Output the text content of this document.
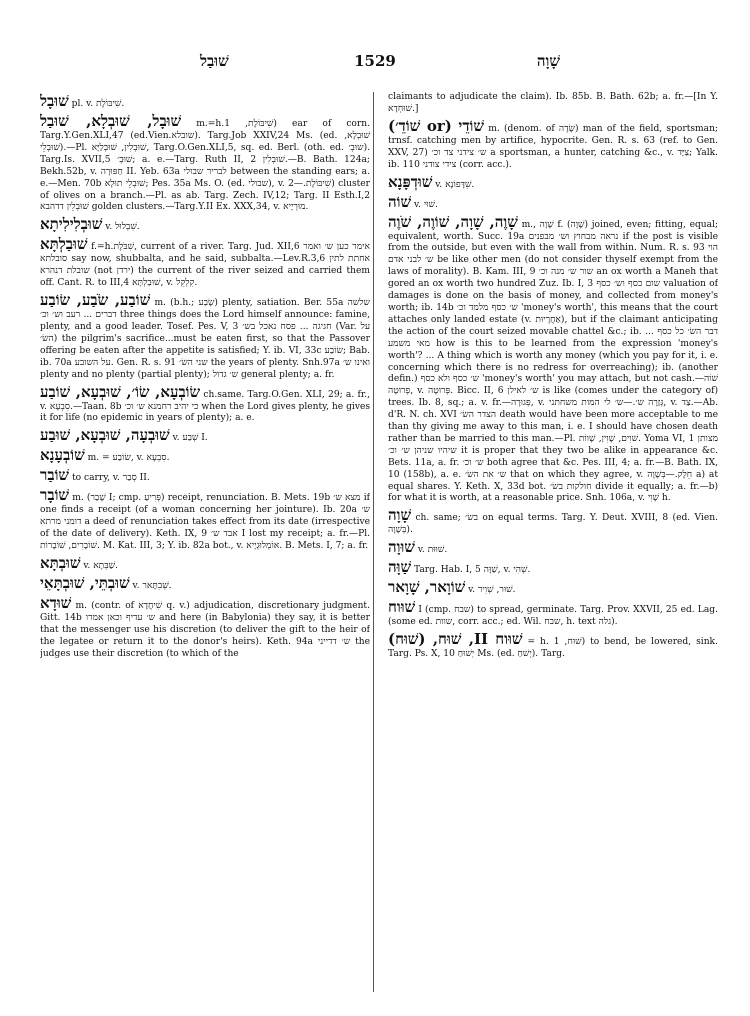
שׁוּבַל	1529	שָׁוָה
שׁוּבָל pl. v. שִׁיבּוֹלֶת.
שׁוּבָל, שׁוּבְלָא, שׁוּבַל m.=h.שִׁיבּוֹלֶת, 1) ear of corn. Targ.Y.Gen.XLI,47 (ed.Vien.שובלא). Targ.Job XXIV,24 Ms. (ed. שׁוּבְלָא, שׁוּבְלֵי).—Pl. שׁוּבְלִין, שׁוּבְלַיָּא, Targ.O.Gen.XLI,5, sq. ed. Berl. (oth. ed. שוּבְ׳). Targ.Is. XVII,5 שׁוּבְ׳; a. e.—Targ. Ruth II, 2 שׁוּבְלִין.—B. Bath. 124a; Bekh.52b, v. חַפּוּרָה II. Yeb. 63a לבריר שבולי between the standing ears; a. e.—Men. 70b שׁוּבְלֵי תוּלָא; Pes. 35a Ms. O. (ed. שבולי), v. שִׁיבּוֹלֶת.—2) cluster of olives on a branch.—Pl. as ab. Targ. Zech. IV,12; Targ. II Esth.I,2 שׁוּבְלֵין דדהבא golden clusters.—Targ.Y.II Ex. XXX,34, v. מוּרְיָיא.
שׁוּבְלִילִיתָא v. שִׁבְלוּל.
שׁוּבַלְתָּא f.=h.שִׁבֹּלֶת, current of a river. Targ. Jud. XII,6 אימר כען ש׳ ואמר סובלתא say now, shubbalta, and he said, subbalta.—Lev.R.3,6 אחתת לתין שובלת דנהרא (not ירדן) the current of the river seized and carried them off. Cant. R. to III,4 שׁוּבַלְתָּא, v. קִלְקֵל.
שׁוֹבַע, שֹׂבַע, שׂוֹבַע m. (b.h.; שָׂבַע) plenty, satiation. Ber. 55a שלשה דברים ... רעב וש׳ וכ׳ three things does the Lord himself announce: famine, plenty, and a good leader. Tosef. Pes. V, 3 חגיגה ... פסח נאכל בש׳ (Var. על השׂ׳) the pilgrim's sacrifice...must be eaten first, so that the Passover offering be eaten after the appetite is satisfied; Y. ib. VI, 33c שׂוֹבַע; Bab. ib. 70a על השובע. Gen. R. s. 91 שני השׂ׳ the years of plenty. Snh.97a ואינו ש׳ plenty and no plenty (partial plenty); ש׳ גדול general plenty; a. fr.
שׂוֹבְעָא, שׂוֹ׳, שׁוּבְעָא, שׁוֹבַע ch.same. Targ.O.Gen. XLI, 29; a. fr., v. סִבְעָא.—Taan. 8b כי יהיב רחמנא ש׳ וכ׳ when the Lord gives plenty, he gives it for life (no epidemic in years of plenty); a. e.
שׁוּבְעָה, שׁוּבְעָא, שׁוּבַע v. שְׁבַע I.
שׁוֹבְעָנָא m. = שׂוֹבַע, v. סִבְעָא.
שׁוֹבַר to carry, v. סְבַר II.
שׁוֹבָר m. (שָׁבַר I; cmp. פְּרִיעַ) receipt, renunciation. B. Mets. 19b מצא ש׳ if one finds a receipt (of a woman concerning her jointure). Ib. 20a ש׳ דומני מרתא a deed of renunciation takes effect from its date (irrespective of the date of delivery). Keth. IX, 9 אבד ש׳ I lost my receipt; a. fr.—Pl. שׁוֹבָרִים, שׁוֹבָרוֹת. M. Kat. III, 3; Y. ib. 82a bot., v. אוֹמְלוּגְיָיא. B. Mets. I, 7; a. fr.
שׁוּבְתָּא v. שַׁבְּתָא.
שׁוּבְתֵּי, שׁוּבְתָּאֵי v. שְׁבִתָּאר.
שׁוּדָא m. (contr. of שִׁיחֲדָא q. v.) adjudication, discretionary judgment. Gitt. 14b ש׳ עדיף וכאן אמרו and here (in Babylonia) they say, it is better that the messenger use his discretion (to deliver the gift to the heir of the legatee or return it to the donor's heirs). Keth. 94a ש׳ דדייני the judges use their discretion (to which of the
claimants to adjudicate the claim). Ib. 85b. B. Bath. 62b; a. fr.—[In Y. שׁוּחְדָא.]
שׁוֹדֵי (or שׁוֹדֵ׳) m. (denom. of שָׂדֶה) man of the field, sportsman; trnsf. catching men by artifice, hypocrite. Gen. R. s. 63 (ref. to Gen. XXV, 27) ש׳ צידני צד וכ׳ a sportsman, a hunter, catching &c., v. צַיָּד; Yalk. ib. 110 צידי צודני (corr. acc.).
שׁוּדְפָּנָא v. שִׁדָּפוֹנָא.
שׁוֹה v. שׁוּי.
שָׁוֶה, שָׁוָה, שׁוֹוֶה, שֹׁוֶה m., שָׁוָה f. (שָׁוָה) joined, even; fitting, equal; equivalent, worth. Succ. 19a נראה מבחוץ וש׳ מבפנים if the post is visible from the outside, but even with the wall from within. Num. R. s. 93 הוי ש׳ לבני אדם be like other men (do not consider thyself exempt from the laws of morality). B. Kam. III, 9 שור ש׳ מנה וכ׳ an ox worth a Maneh that gored an ox worth two hundred Zuz. Ib. I, 3 שום כסף וש׳ כסף valuation of damages is done on the basis of money, and collected from money's worth; ib. 14b ש׳ כסף מלמד וכ׳ 'money's worth', this means that the court attaches only landed estate (v. אַחֲרָיוּת), but if the claimant anticipating the action of the court seized movable chattel &c.; ib. ... דבר השׂ׳ כל כסף מאי משמע how is this to be learned from the expression 'money's worth'? ... A thing which is worth any money (which you pay for it, i. e. concerning which there is no redress for overreaching); ib. (another defin.) ש׳ כסף ולא כסף 'money's worth' you may attach, but not cash.—שׁוֹה פְרוּטָה, v. פְּרוּטָה. Bicc. II, 6 ש׳ לאילן is like (comes under the category of) trees. Ib. 8, sq.; a. v. fr.—פְּגוּרָה, v. גְּזַרָה ש׳.—ש׳ לי המות משחתני, v. צַד.—Ab. d'R. N. ch. XVI הצדר השׂ׳ death would have been more acceptable to me than thy giving me away to this man, i. e. I should have chosen death rather than be married to this man.—Pl. שׁוִים, שָׁוִין, שָׁווֹת. Yoma VI, 1 מצותן שיהיו שניהן ש׳ וכ׳ it is proper that they two be alike in appearance &c. Bets. 11a, a. fr. ש׳ וכ׳ both agree that &c. Pes. III, 4; a. fr.—B. Bath. IX, 10 (158b), a. e. ש׳ את השׂ׳ that on which they agree, v. חֵלֶק.—בְּשָׁוֶה a) at equal shares. Y. Keth. X, 33d bot. חולקות בשׂ׳ divide it equally; a. fr.—b) for what it is worth, at a reasonable price. Snh. 106a, v. שָׁוִי h.
שָׁוָה ch. same; בשׂ׳ on equal terms. Targ. Y. Deut. XVIII, 8 (ed. Vien. בְּשָׁוָה).
שׁוּוָה v. שׁוּוּת.
שַׁוָּה Targ. Hab. I, 5 שַׁוָּה, v. שְׁהִי.
שׁוֹוָאר, שָׁוָאר v. שׁוּר, שְׁוִיר.
שׁוּוח I (cmp. שבח) to spread, germinate. Targ. Prov. XXVII, 25 ed. Lag. (some ed. שוות, corr. acc.; ed. Wil. שבח, h. text גלה).
שׁוּוח II, שׁוּח, (שׁוּח) = h. שׁוּח, 1) to bend, be lowered, sink. Targ. Ps. X, 10 יְשׁוּחַ Ms. (ed. יְשׁחַ). Targ.
